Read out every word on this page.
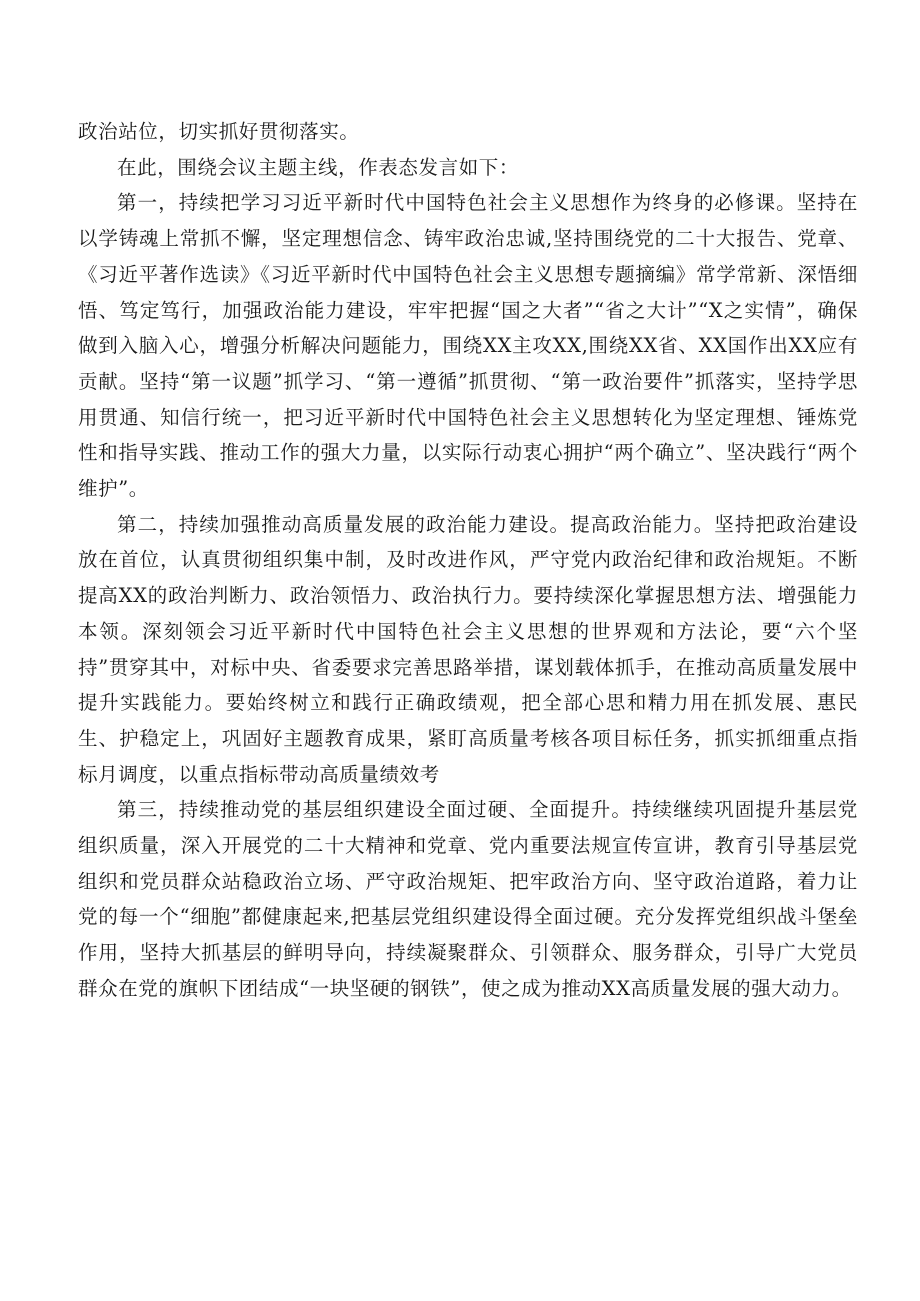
政治站位，切实抓好贯彻落实。

在此，围绕会议主题主线，作表态发言如下：

第一，持续把学习习近平新时代中国特色社会主义思想作为终身的必修课。坚持在以学铸魂上常抓不懈，坚定理想信念、铸牢政治忠诚,坚持围绕党的二十大报告、党章、《习近平著作选读》《习近平新时代中国特色社会主义思想专题摘编》常学常新、深悟细悟、笃定笃行，加强政治能力建设，牢牢把握“国之大者”“省之大计”“X之实情”，确保做到入脑入心，增强分析解决问题能力，围绕XX主攻XX,围绕XX省、XX国作出XX应有贡献。坚持“第一议题”抓学习、“第一遵循”抓贯彻、“第一政治要件”抓落实，坚持学思用贯通、知信行统一，把习近平新时代中国特色社会主义思想转化为坚定理想、锤炼党性和指导实践、推动工作的强大力量，以实际行动衷心拥护“两个确立”、坚决践行“两个维护”。

第二，持续加强推动高质量发展的政治能力建设。提高政治能力。坚持把政治建设放在首位，认真贯彻组织集中制，及时改进作风，严守党内政治纪律和政治规矩。不断提高XX的政治判断力、政治领悟力、政治执行力。要持续深化掌握思想方法、增强能力本领。深刻领会习近平新时代中国特色社会主义思想的世界观和方法论，要“六个坚持”贯穿其中，对标中央、省委要求完善思路举措，谋划载体抓手，在推动高质量发展中提升实践能力。要始终树立和践行正确政绩观，把全部心思和精力用在抓发展、惠民生、护稳定上，巩固好主题教育成果，紧盯高质量考核各项目标任务，抓实抓细重点指标月调度，以重点指标带动高质量绩效考

第三，持续推动党的基层组织建设全面过硬、全面提升。持续继续巩固提升基层党组织质量，深入开展党的二十大精神和党章、党内重要法规宣传宣讲，教育引导基层党组织和党员群众站稳政治立场、严守政治规矩、把牢政治方向、坚守政治道路，着力让党的每一个“细胞”都健康起来,把基层党组织建设得全面过硬。充分发挥党组织战斗堡垒作用，坚持大抓基层的鲜明导向，持续凝聚群众、引领群众、服务群众，引导广大党员群众在党的旗帜下团结成“一块坚硬的钢铁”，使之成为推动XX高质量发展的强大动力。
